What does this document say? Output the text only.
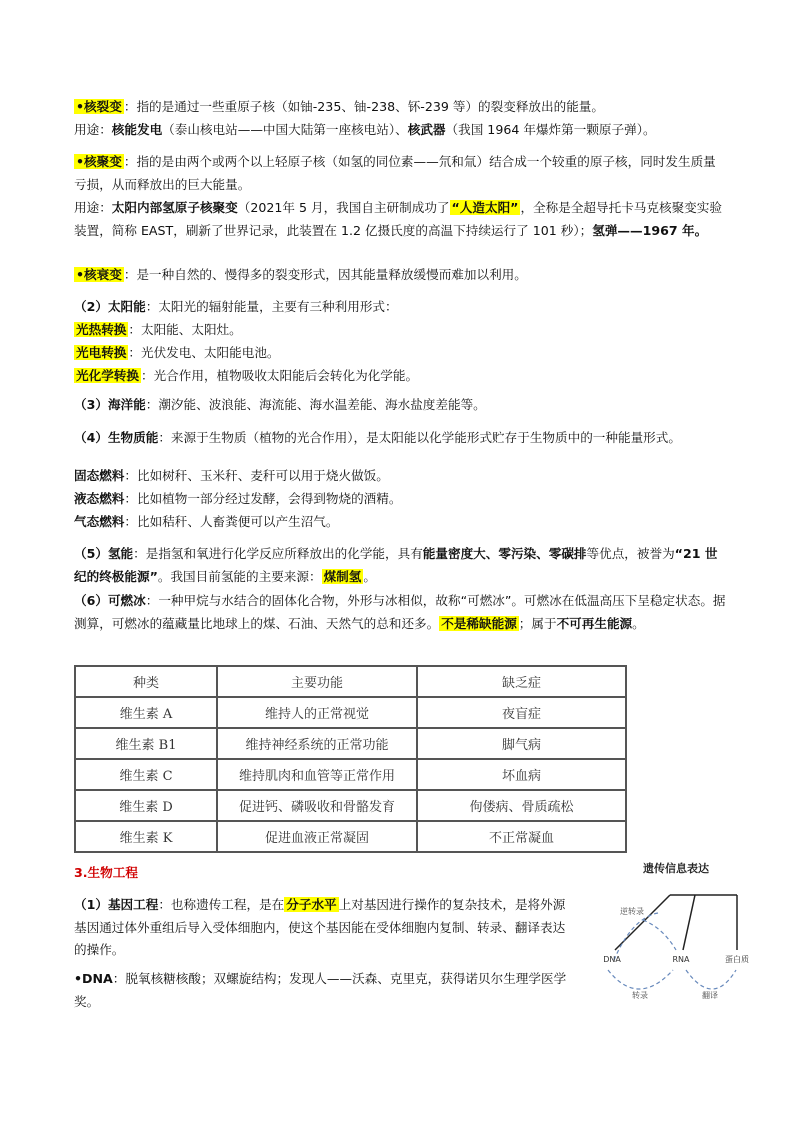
•核裂变 ：指的是通过一些重原子核（如铀-235、铀-238、钚-239 等）的裂变释放出的能量。

用途：核能发电（泰山核电站——中国大陆第一座核电站）、核武器（我国 1964 年爆炸第一颗原子弹）。

•核聚变 ：指的是由两个或两个以上轻原子核（如氢的同位素——氘和氚）结合成一个较重的原子核，同时发生质量亏损，从而释放出的巨大能量。

用途：太阳内部氢原子核聚变（2021年 5 月，我国自主研制成功了 “人造太阳” ，全称是全超导托卡马克核聚变实验装置，简称 EAST，刷新了世界记录，此装置在 1.2 亿摄氏度的高温下持续运行了 101 秒）；氢弹——1967 年。

•核衰变 ：是一种自然的、慢得多的裂变形式，因其能量释放缓慢而难加以利用。

（2）太阳能：太阳光的辐射能量，主要有三种利用形式：

光热转换 ：太阳能、太阳灶。

光电转换 ：光伏发电、太阳能电池。

光化学转换 ：光合作用，植物吸收太阳能后会转化为化学能。

（3）海洋能：潮汐能、波浪能、海流能、海水温差能、海水盐度差能等。

（4）生物质能：来源于生物质（植物的光合作用），是太阳能以化学能形式贮存于生物质中的一种能量形式。

固态燃料：比如树秆、玉米秆、麦秆可以用于烧火做饭。

液态燃料：比如植物一部分经过发酵，会得到物烧的酒精。

气态燃料：比如秸秆、人畜粪便可以产生沼气。

（5）氢能：是指氢和氧进行化学反应所释放出的化学能，具有能量密度大、零污染、零碳排等优点，被誉为“21 世纪的终极能源”。我国目前氢能的主要来源： 煤制氢 。

（6）可燃冰：一种甲烷与水结合的固体化合物，外形与冰相似，故称“可燃冰”。可燃冰在低温高压下呈稳定状态。据测算，可燃冰的蕴藏量比地球上的煤、石油、天然气的总和还多。 不是稀缺能源 ；属于不可再生能源。

种类	主要功能	缺乏症
维生素 A	维持人的正常视觉	夜盲症
维生素 B1	维持神经系统的正常功能	脚气病
维生素 C	维持肌肉和血管等正常作用	坏血病
维生素 D	促进钙、磷吸收和骨骼发育	佝偻病、骨质疏松
维生素 K	促进血液正常凝固	不正常凝血

3.生物工程

（1）基因工程：也称遗传工程，是在 分子水平 上对基因进行操作的复杂技术，是将外源基因通过体外重组后导入受体细胞内，使这个基因能在受体细胞内复制、转录、翻译表达的操作。

•DNA：脱氧核糖核酸；双螺旋结构；发现人——沃森、克里克，获得诺贝尔生理学医学奖。

遗传信息表达
逆转录
DNA	RNA	蛋白质
转录	翻译
